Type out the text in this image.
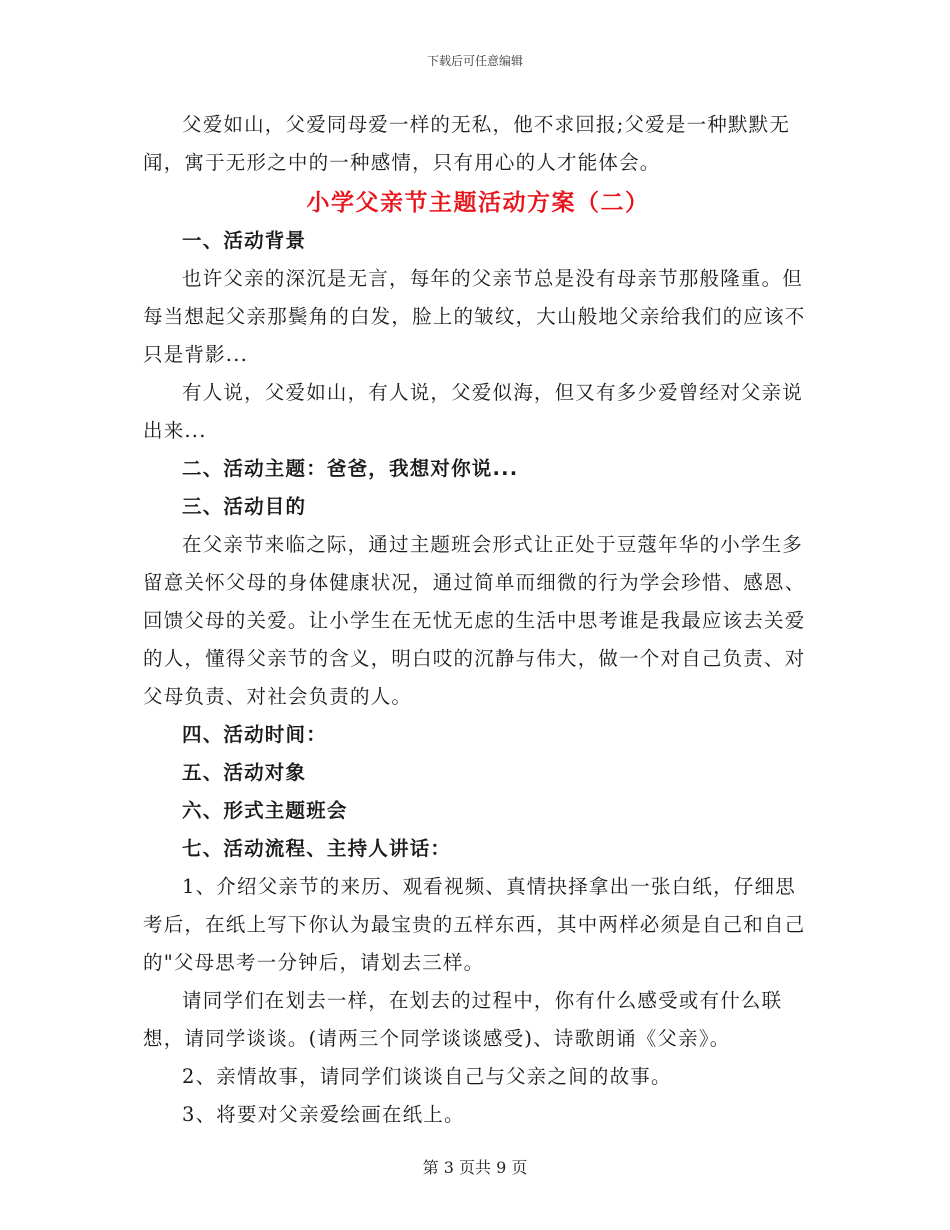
下载后可任意编辑

父爱如山，父爱同母爱一样的无私，他不求回报;父爱是一种默默无闻，寓于无形之中的一种感情，只有用心的人才能体会。

小学父亲节主题活动方案（二）

一、活动背景

也许父亲的深沉是无言，每年的父亲节总是没有母亲节那般隆重。但每当想起父亲那鬓角的白发，脸上的皱纹，大山般地父亲给我们的应该不只是背影...

有人说，父爱如山，有人说，父爱似海，但又有多少爱曾经对父亲说出来...

二、活动主题：爸爸，我想对你说...

三、活动目的

在父亲节来临之际，通过主题班会形式让正处于豆蔻年华的小学生多留意关怀父母的身体健康状况，通过简单而细微的行为学会珍惜、感恩、回馈父母的关爱。让小学生在无忧无虑的生活中思考谁是我最应该去关爱的人，懂得父亲节的含义，明白哎的沉静与伟大，做一个对自己负责、对父母负责、对社会负责的人。

四、活动时间：

五、活动对象

六、形式主题班会

七、活动流程、主持人讲话：

1、介绍父亲节的来历、观看视频、真情抉择拿出一张白纸，仔细思考后，在纸上写下你认为最宝贵的五样东西，其中两样必须是自己和自己的"父母思考一分钟后，请划去三样。

请同学们在划去一样，在划去的过程中，你有什么感受或有什么联想，请同学谈谈。(请两三个同学谈谈感受)、诗歌朗诵《父亲》。

2、亲情故事，请同学们谈谈自己与父亲之间的故事。

3、将要对父亲爱绘画在纸上。

第 3 页共 9 页
